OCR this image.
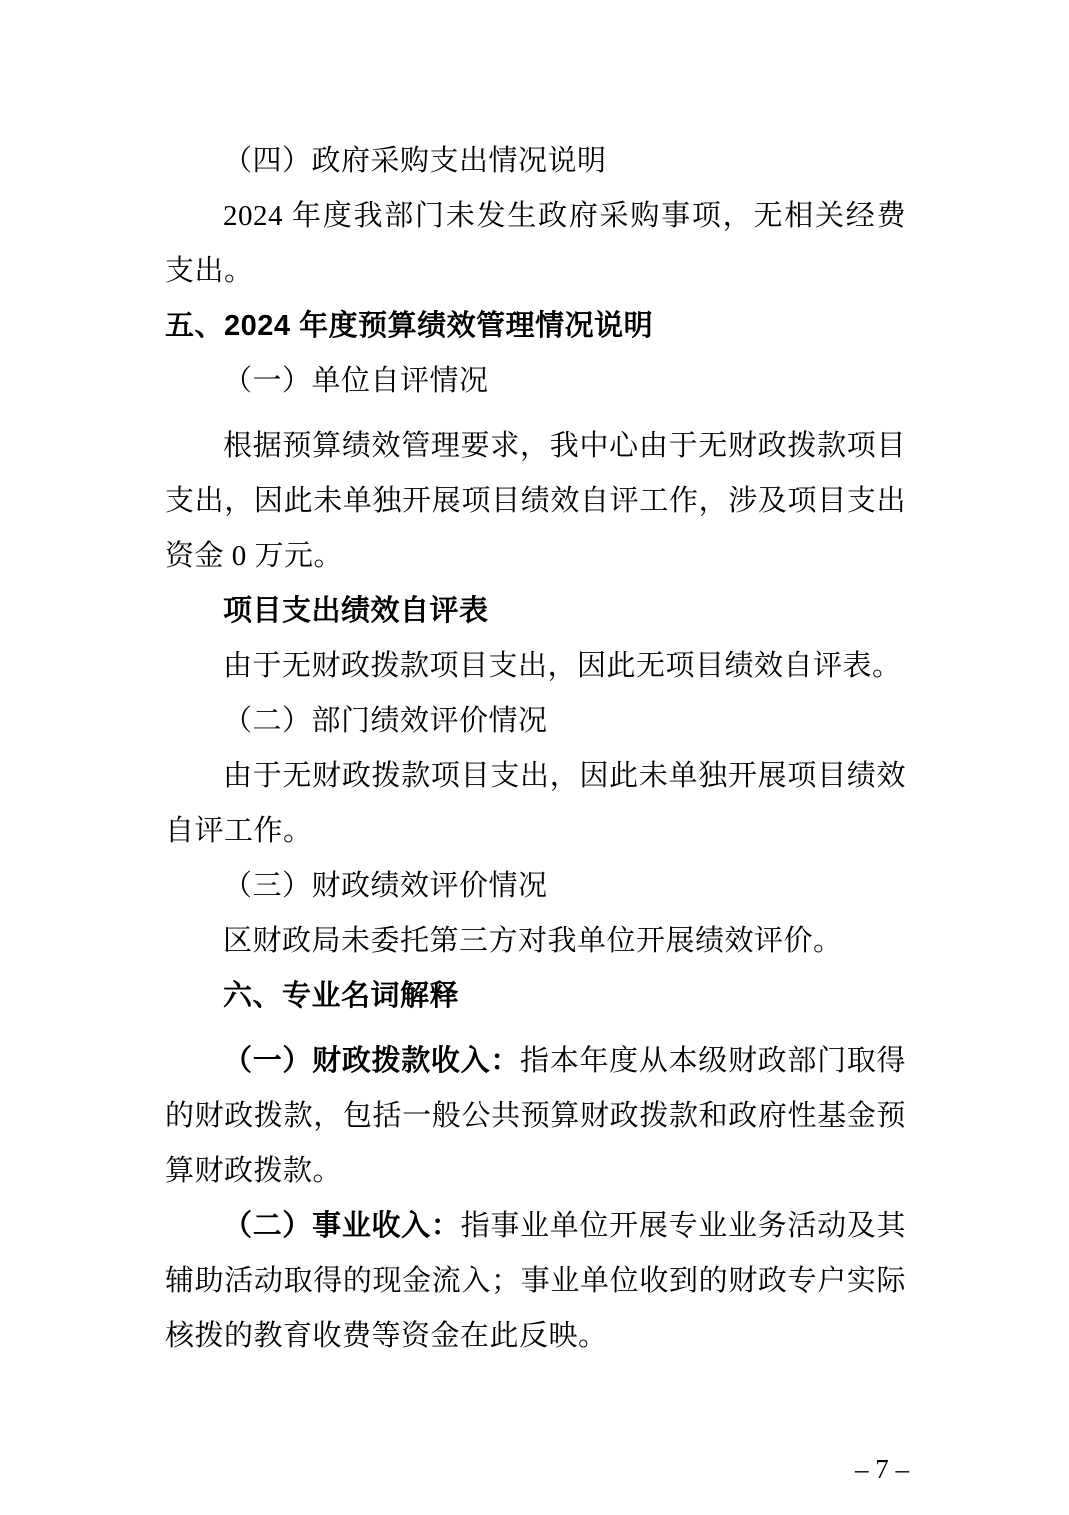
（四）政府采购支出情况说明

2024 年度我部门未发生政府采购事项，无相关经费支出。

五、2024 年度预算绩效管理情况说明

（一）单位自评情况

根据预算绩效管理要求，我中心由于无财政拨款项目支出，因此未单独开展项目绩效自评工作，涉及项目支出资金 0 万元。

项目支出绩效自评表

由于无财政拨款项目支出，因此无项目绩效自评表。

（二）部门绩效评价情况

由于无财政拨款项目支出，因此未单独开展项目绩效自评工作。

（三）财政绩效评价情况

区财政局未委托第三方对我单位开展绩效评价。

六、专业名词解释

（一）财政拨款收入：指本年度从本级财政部门取得的财政拨款，包括一般公共预算财政拨款和政府性基金预算财政拨款。

（二）事业收入：指事业单位开展专业业务活动及其辅助活动取得的现金流入；事业单位收到的财政专户实际核拨的教育收费等资金在此反映。

– 7 –
